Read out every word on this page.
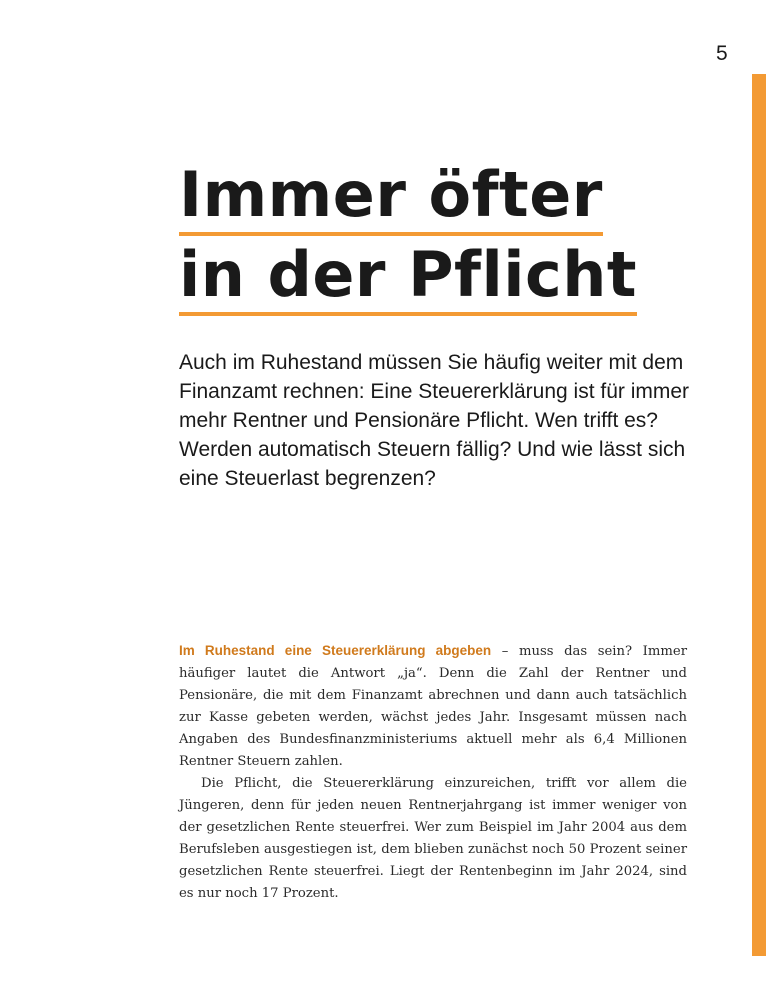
5
Immer öfter
in der Pflicht

Auch im Ruhestand müssen Sie häufig weiter mit dem Finanzamt rechnen: Eine Steuererklärung ist für immer mehr Rentner und Pensionäre Pflicht. Wen trifft es? Werden automatisch Steuern fällig? Und wie lässt sich eine Steuerlast begrenzen?

Im Ruhestand eine Steuererklärung abgeben – muss das sein? Immer häufiger lautet die Antwort „ja“. Denn die Zahl der Rentner und Pensionäre, die mit dem Finanzamt abrechnen und dann auch tatsächlich zur Kasse gebeten werden, wächst jedes Jahr. Insgesamt müssen nach Angaben des Bundesfinanzministeriums aktuell mehr als 6,4 Millionen Rentner Steuern zahlen.

Die Pflicht, die Steuererklärung einzureichen, trifft vor allem die Jüngeren, denn für jeden neuen Rentnerjahrgang ist immer weniger von der gesetzlichen Rente steuerfrei. Wer zum Beispiel im Jahr 2004 aus dem Berufsleben ausgestiegen ist, dem blieben zunächst noch 50 Prozent seiner gesetzlichen Rente steuerfrei. Liegt der Rentenbeginn im Jahr 2024, sind es nur noch 17 Prozent.
